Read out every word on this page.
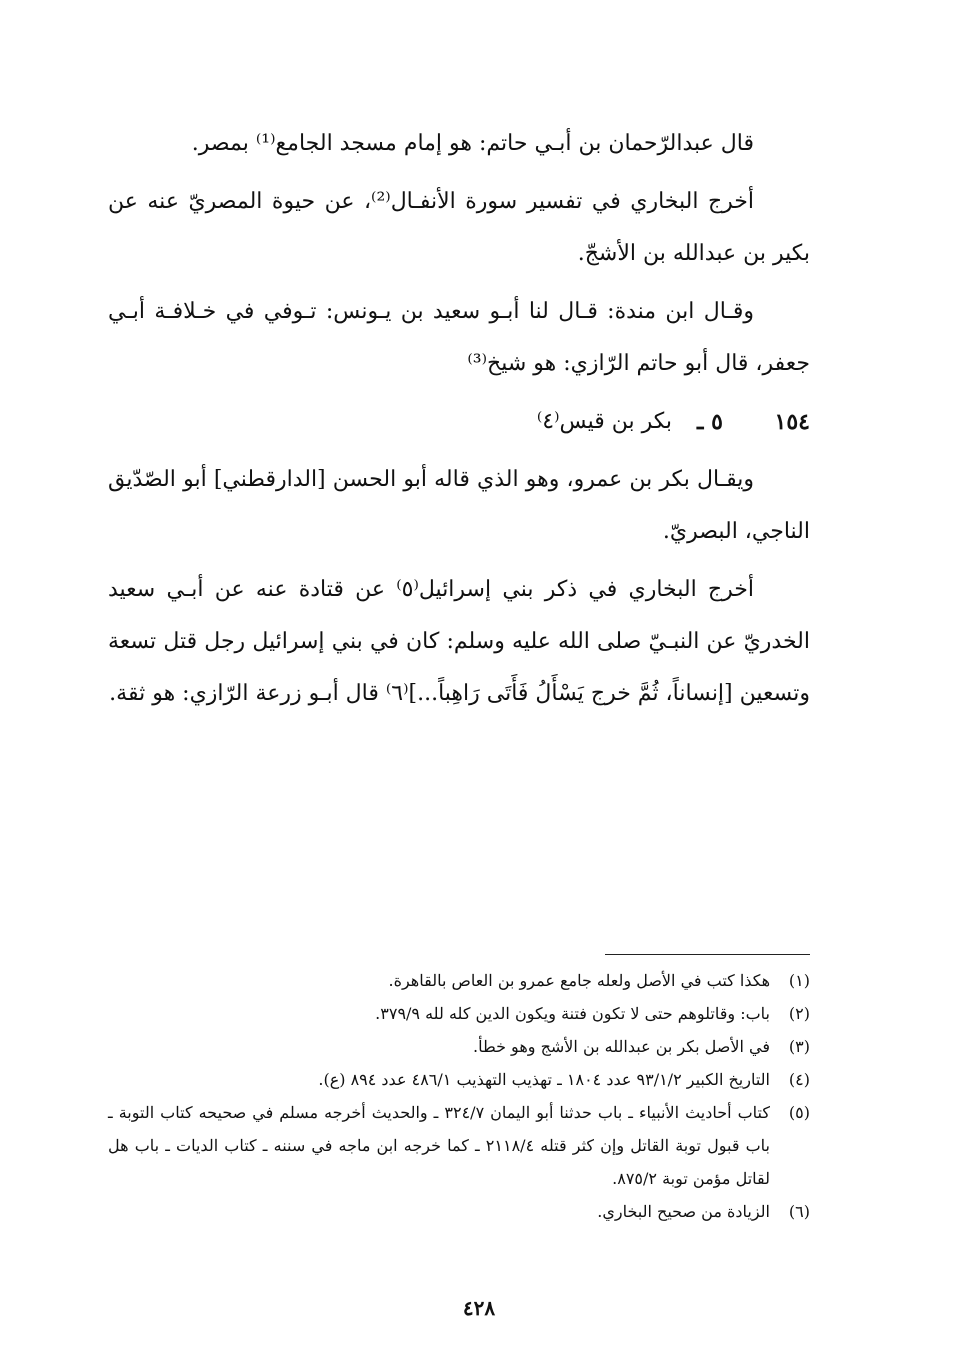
قال عبدالرّحمان بن أبـي حاتم: هو إمام مسجد الجامع⁽¹⁾ بمصر.

أخرج البخاري في تفسير سورة الأنفـال⁽²⁾، عن حيوة المصريّ عنه عن بكير بن عبدالله بن الأشجّ.

وقـال ابن مندة: قـال لنا أبـو سعيد بن يـونس: تـوفي في خـلافـة أبـي جعفر، قال أبو حاتم الرّازي: هو شيخ⁽³⁾

١٥٤
٥ ـ
بكر بن قيس⁽٤⁾

ويقـال بكر بن عمرو، وهو الذي قاله أبو الحسن [الدارقطني] أبو الصّدّيق الناجي، البصريّ.

أخرج البخاري في ذكر بني إسرائيل⁽٥⁾ عن قتادة عنه عن أبـي سعيد الخدريّ عن النبـيّ صلى الله عليه وسلم: كان في بني إسرائيل رجل قتل تسعة وتسعين [إنساناً، ثُمَّ خرج يَسْأَلُ فَأَتَى رَاهِباً...]⁽٦⁾ قال أبـو زرعة الرّازي: هو ثقة.

(١)
هكذا كتب في الأصل ولعله جامع عمرو بن العاص بالقاهرة.
(٢)
باب: وقاتلوهم حتى لا تكون فتنة ويكون الدين كله لله ٣٧٩/٩.
(٣)
في الأصل بكر بن عبدالله بن الأشج وهو خطأ.
(٤)
التاريخ الكبير ٩٣/١/٢ عدد ١٨٠٤ ـ تهذيب التهذيب ٤٨٦/١ عدد ٨٩٤ (ع).
(٥)
كتاب أحاديث الأنبياء ـ باب حدثنا أبو اليمان ٣٢٤/٧ ـ والحديث أخرجه مسلم في صحيحه كتاب التوبة ـ باب قبول توبة القاتل وإن كثر قتله ٢١١٨/٤ ـ كما خرجه ابن ماجه في سننه ـ كتاب الديات ـ باب هل لقاتل مؤمن توبة ٨٧٥/٢.
(٦)
الزيادة من صحيح البخاري.
٤٢٨
